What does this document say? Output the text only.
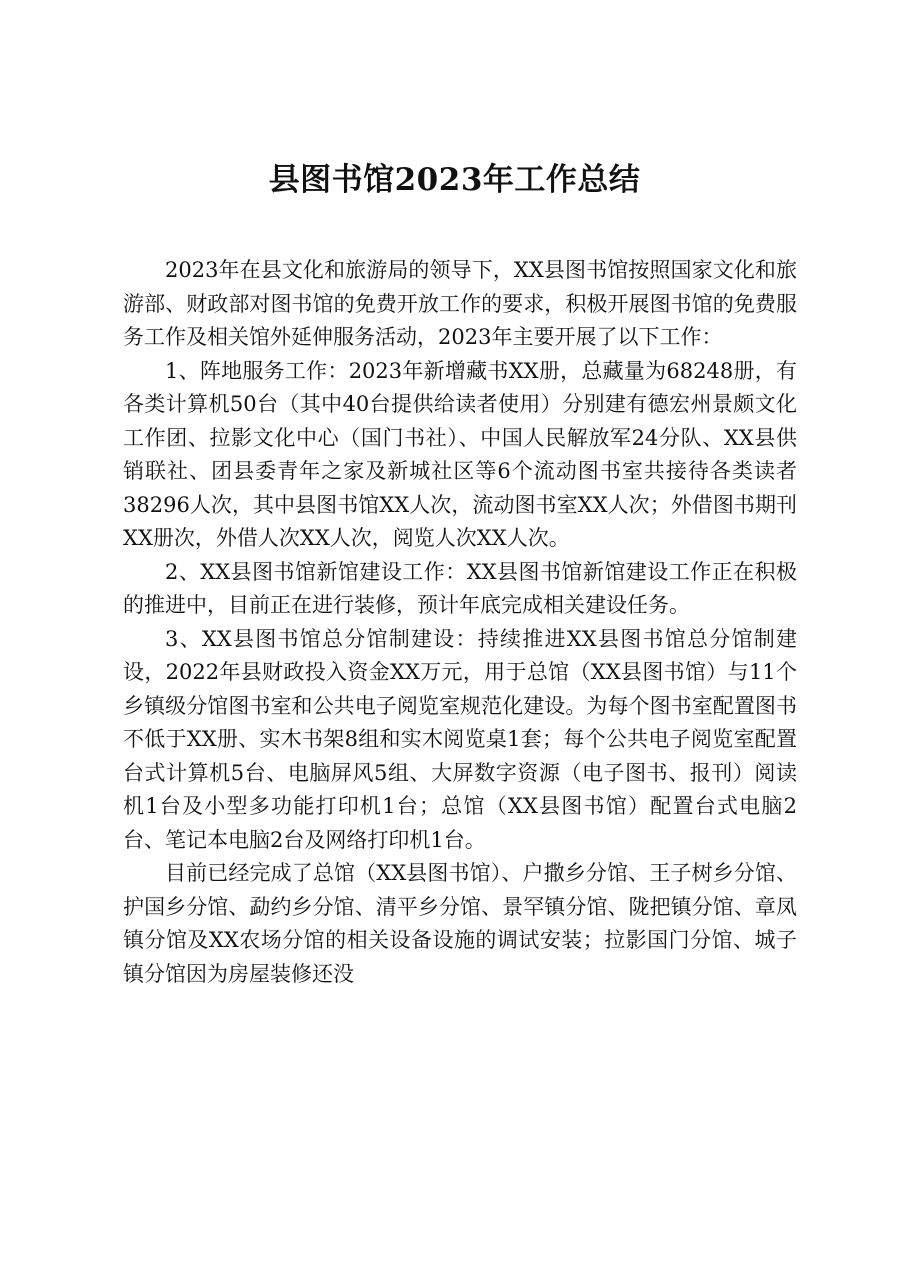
县图书馆2023年工作总结

2023年在县文化和旅游局的领导下，XX县图书馆按照国家文化和旅游部、财政部对图书馆的免费开放工作的要求，积极开展图书馆的免费服务工作及相关馆外延伸服务活动，2023年主要开展了以下工作：

1、阵地服务工作：2023年新增藏书XX册，总藏量为68248册，有各类计算机50台（其中40台提供给读者使用）分别建有德宏州景颇文化工作团、拉影文化中心（国门书社）、中国人民解放军24分队、XX县供销联社、团县委青年之家及新城社区等6个流动图书室共接待各类读者38296人次，其中县图书馆XX人次，流动图书室XX人次；外借图书期刊XX册次，外借人次XX人次，阅览人次XX人次。

2、XX县图书馆新馆建设工作：XX县图书馆新馆建设工作正在积极的推进中，目前正在进行装修，预计年底完成相关建设任务。

3、XX县图书馆总分馆制建设：持续推进XX县图书馆总分馆制建设，2022年县财政投入资金XX万元，用于总馆（XX县图书馆）与11个乡镇级分馆图书室和公共电子阅览室规范化建设。为每个图书室配置图书不低于XX册、实木书架8组和实木阅览桌1套；每个公共电子阅览室配置台式计算机5台、电脑屏风5组、大屏数字资源（电子图书、报刊）阅读机1台及小型多功能打印机1台；总馆（XX县图书馆）配置台式电脑2台、笔记本电脑2台及网络打印机1台。

目前已经完成了总馆（XX县图书馆）、户撒乡分馆、王子树乡分馆、护国乡分馆、勐约乡分馆、清平乡分馆、景罕镇分馆、陇把镇分馆、章凤镇分馆及XX农场分馆的相关设备设施的调试安装；拉影国门分馆、城子镇分馆因为房屋装修还没
